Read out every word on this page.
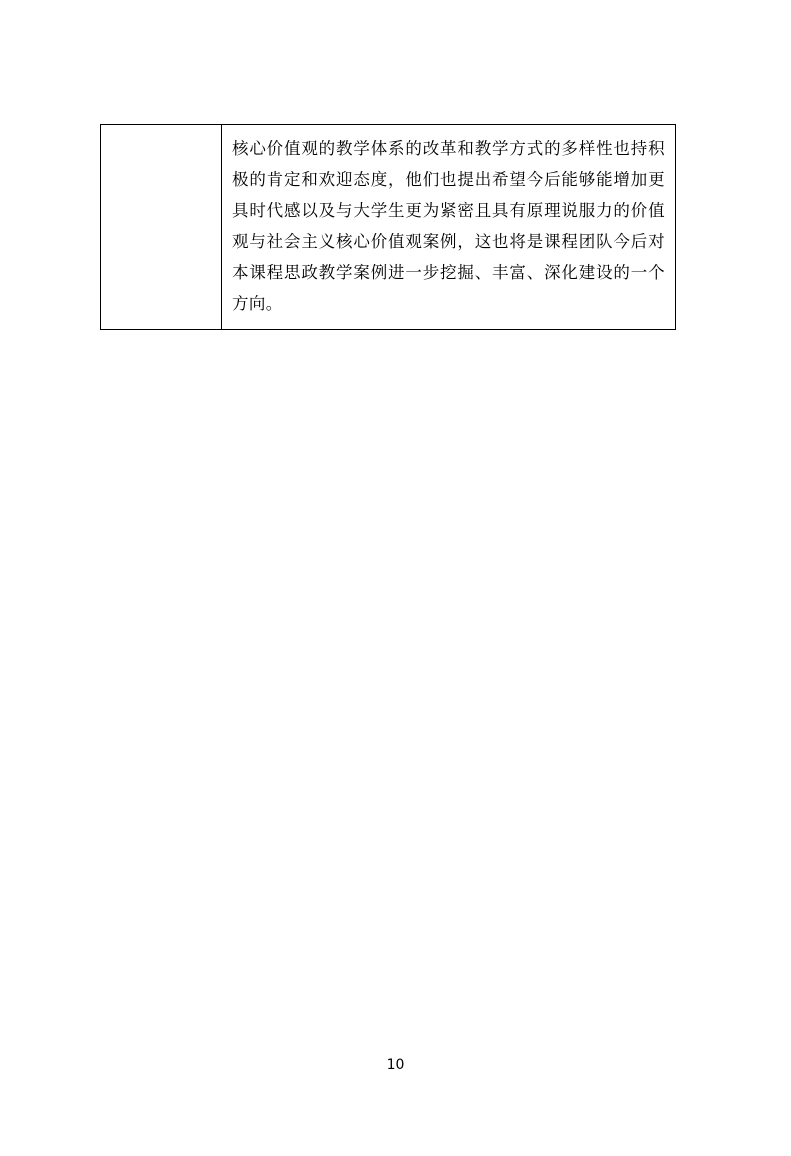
核心价值观的教学体系的改革和教学方式的多样性也持积极的肯定和欢迎态度，他们也提出希望今后能够能增加更具时代感以及与大学生更为紧密且具有原理说服力的价值观与社会主义核心价值观案例，这也将是课程团队今后对本课程思政教学案例进一步挖掘、丰富、深化建设的一个方向。
10
